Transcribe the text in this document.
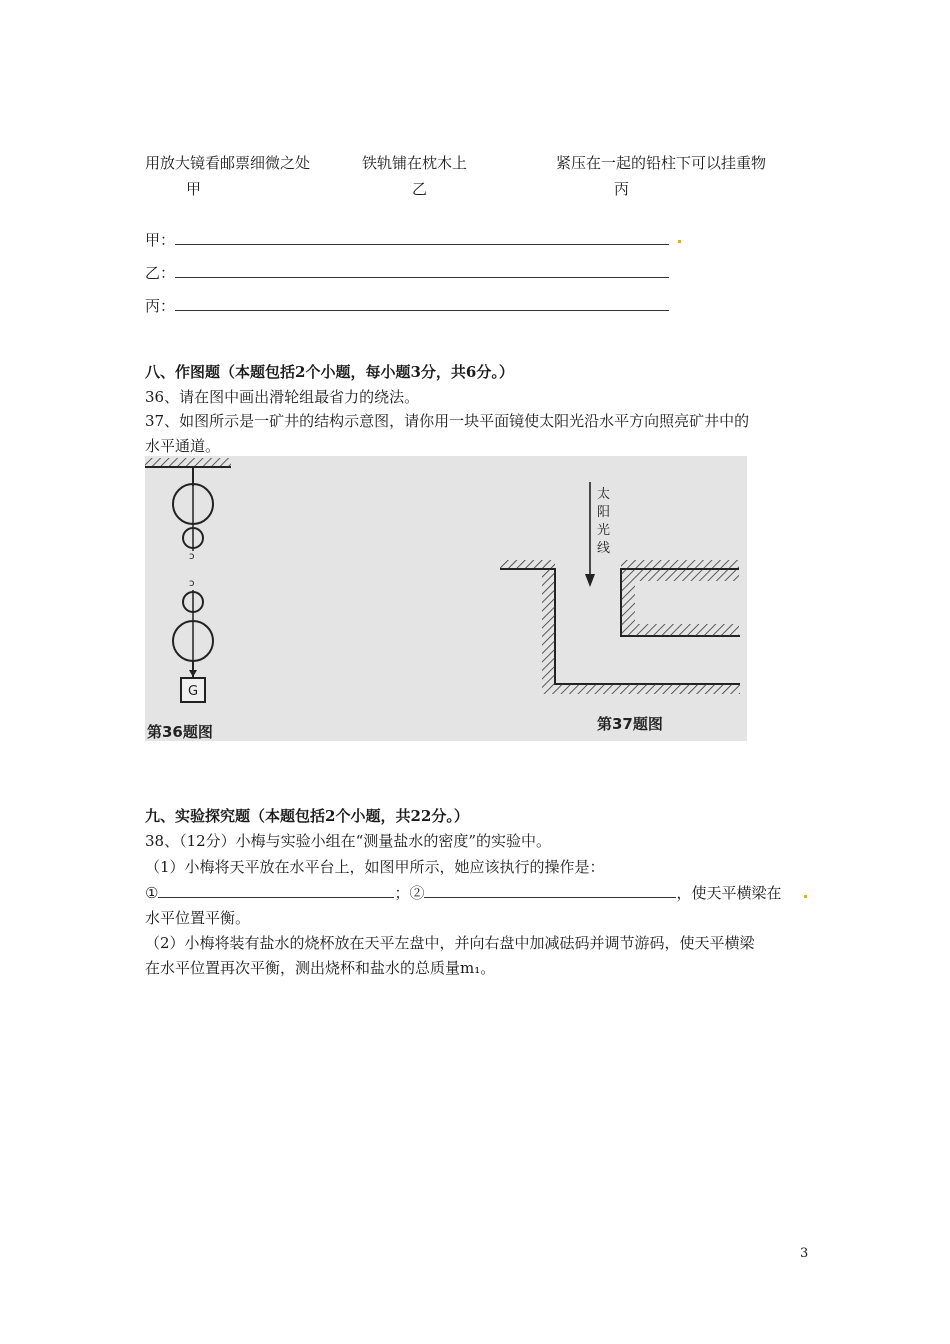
用放大镜看邮票细微之处
甲
铁轨铺在枕木上
乙
紧压在一起的铅柱下可以挂重物
丙
甲：
乙：
丙：
八、作图题（本题包括2个小题，每小题3分，共6分。）
36、请在图中画出滑轮组最省力的绕法。
37、如图所示是一矿井的结构示意图，请你用一块平面镜使太阳光沿水平方向照亮矿井中的
水平通道。
ɔ
ɔ
G
第36题图
太
阳
光
线
第37题图
九、实验探究题（本题包括2个小题，共22分。）
38、（12分）小梅与实验小组在“测量盐水的密度”的实验中。
（1）小梅将天平放在水平台上，如图甲所示，她应该执行的操作是：
①	；②	，使天平横梁在
水平位置平衡。
（2）小梅将装有盐水的烧杯放在天平左盘中，并向右盘中加减砝码并调节游码，使天平横梁
在水平位置再次平衡，测出烧杯和盐水的总质量m₁。
3
